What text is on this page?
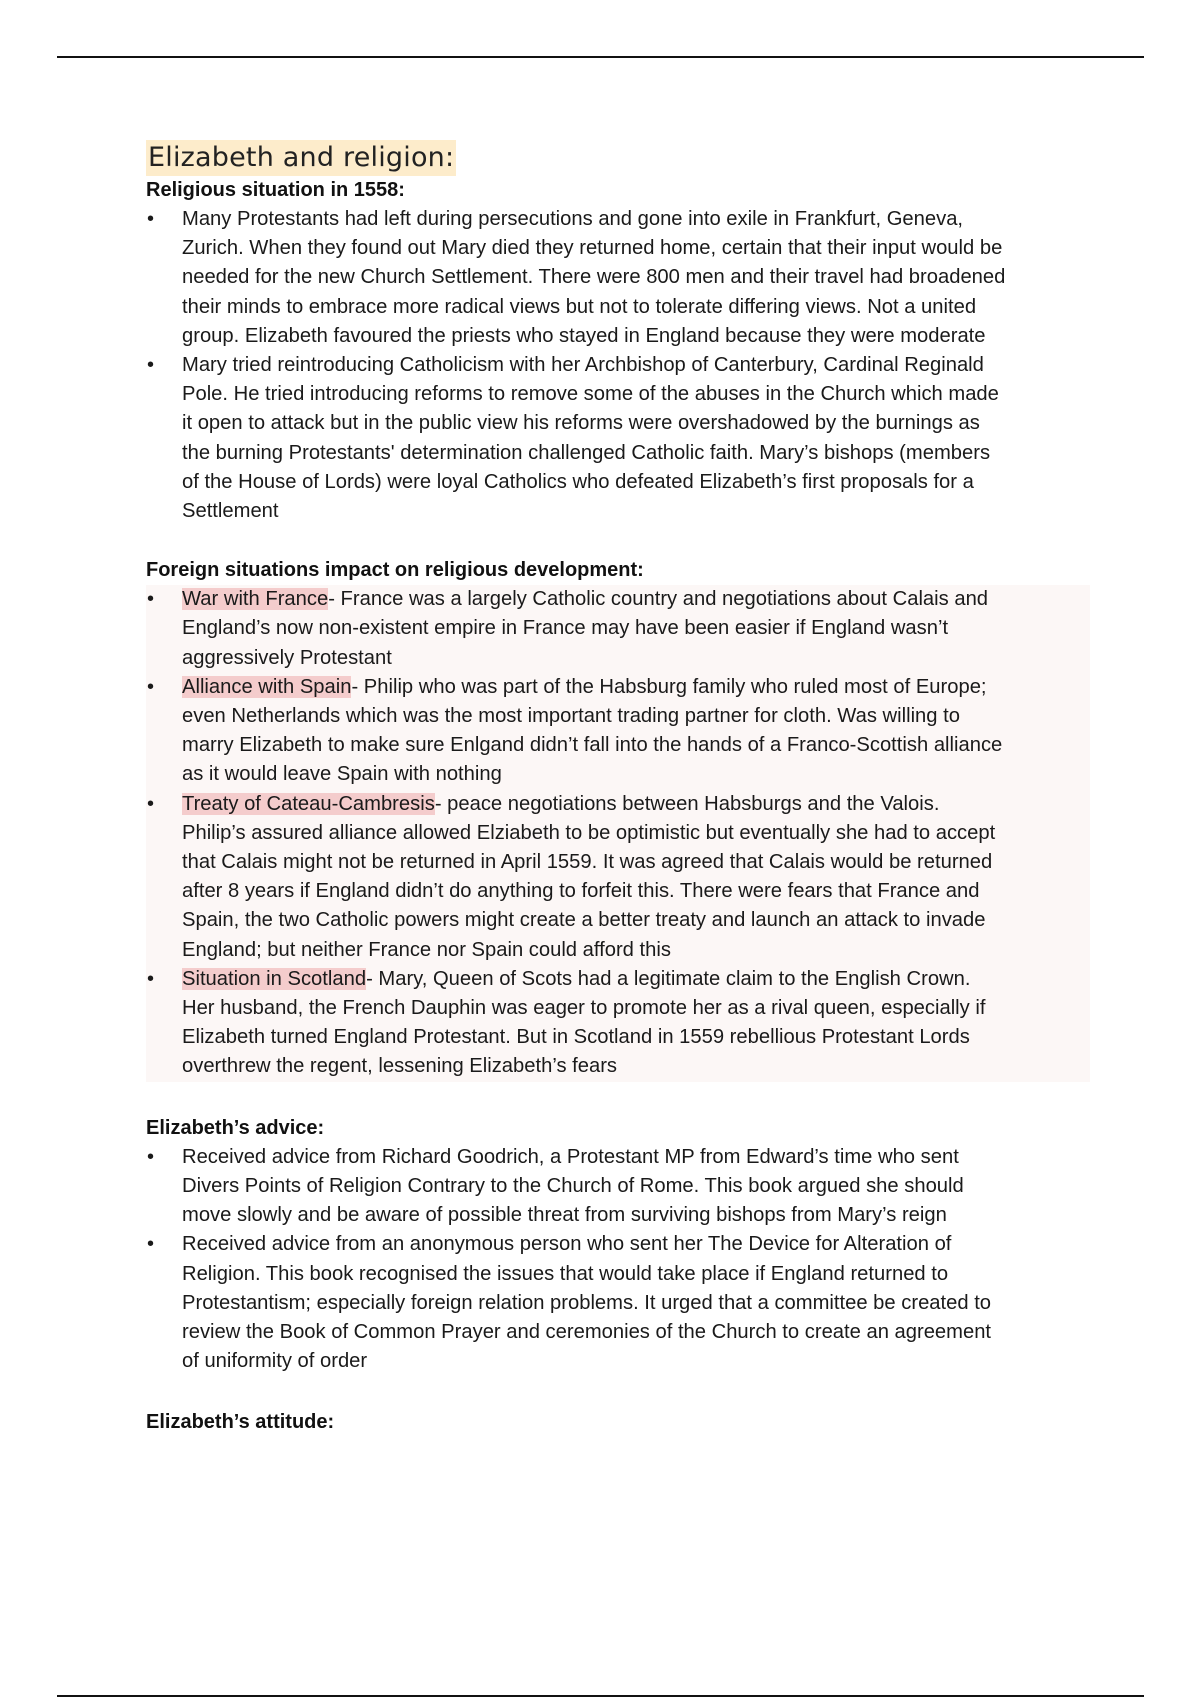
Elizabeth and religion:

Religious situation in 1558:

• Many Protestants had left during persecutions and gone into exile in Frankfurt, Geneva,
Zurich. When they found out Mary died they returned home, certain that their input would be
needed for the new Church Settlement. There were 800 men and their travel had broadened
their minds to embrace more radical views but not to tolerate differing views. Not a united
group. Elizabeth favoured the priests who stayed in England because they were moderate
• Mary tried reintroducing Catholicism with her Archbishop of Canterbury, Cardinal Reginald
Pole. He tried introducing reforms to remove some of the abuses in the Church which made
it open to attack but in the public view his reforms were overshadowed by the burnings as
the burning Protestants' determination challenged Catholic faith. Mary’s bishops (members
of the House of Lords) were loyal Catholics who defeated Elizabeth’s first proposals for a
Settlement

Foreign situations impact on religious development:

• War with France- France was a largely Catholic country and negotiations about Calais and
England’s now non-existent empire in France may have been easier if England wasn’t
aggressively Protestant
• Alliance with Spain- Philip who was part of the Habsburg family who ruled most of Europe;
even Netherlands which was the most important trading partner for cloth. Was willing to
marry Elizabeth to make sure Enlgand didn’t fall into the hands of a Franco-Scottish alliance
as it would leave Spain with nothing
• Treaty of Cateau-Cambresis- peace negotiations between Habsburgs and the Valois.
Philip’s assured alliance allowed Elziabeth to be optimistic but eventually she had to accept
that Calais might not be returned in April 1559. It was agreed that Calais would be returned
after 8 years if England didn’t do anything to forfeit this. There were fears that France and
Spain, the two Catholic powers might create a better treaty and launch an attack to invade
England; but neither France nor Spain could afford this
• Situation in Scotland- Mary, Queen of Scots had a legitimate claim to the English Crown.
Her husband, the French Dauphin was eager to promote her as a rival queen, especially if
Elizabeth turned England Protestant. But in Scotland in 1559 rebellious Protestant Lords
overthrew the regent, lessening Elizabeth’s fears

Elizabeth’s advice:

• Received advice from Richard Goodrich, a Protestant MP from Edward’s time who sent
Divers Points of Religion Contrary to the Church of Rome. This book argued she should
move slowly and be aware of possible threat from surviving bishops from Mary’s reign
• Received advice from an anonymous person who sent her The Device for Alteration of
Religion. This book recognised the issues that would take place if England returned to
Protestantism; especially foreign relation problems. It urged that a committee be created to
review the Book of Common Prayer and ceremonies of the Church to create an agreement
of uniformity of order

Elizabeth’s attitude:
